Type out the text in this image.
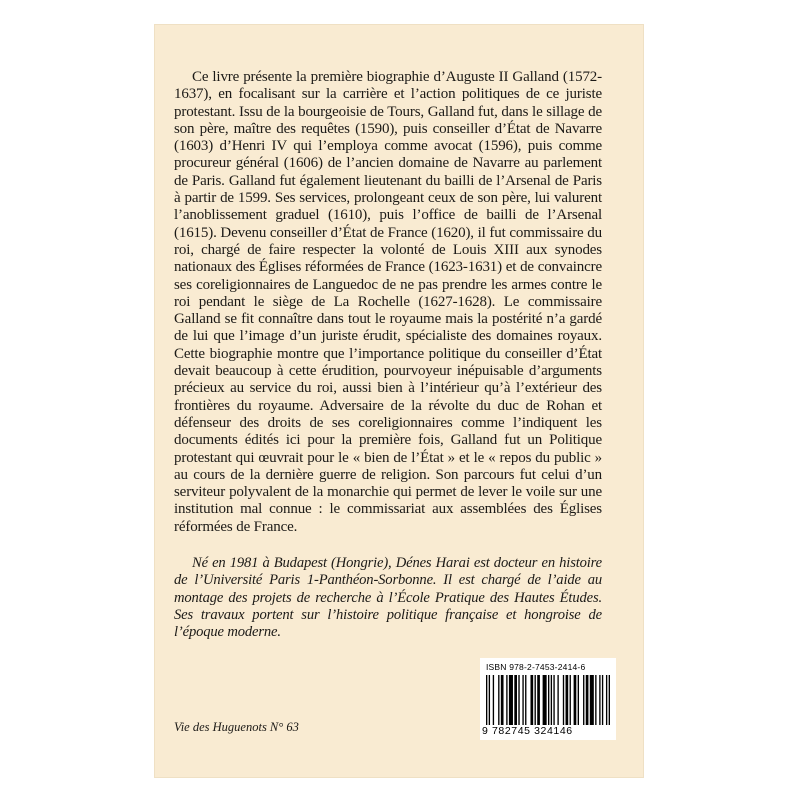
Ce livre présente la première biographie d’Auguste II Galland (1572-1637), en focalisant sur la carrière et l’action politiques de ce juriste protestant. Issu de la bourgeoisie de Tours, Galland fut, dans le sillage de son père, maître des requêtes (1590), puis conseiller d’État de Navarre (1603) d’Henri IV qui l’employa comme avocat (1596), puis comme procureur général (1606) de l’ancien domaine de Navarre au parlement de Paris. Galland fut également lieutenant du bailli de l’Arsenal de Paris à partir de 1599. Ses services, prolongeant ceux de son père, lui valurent l’anoblissement graduel (1610), puis l’office de bailli de l’Arsenal (1615). Devenu conseiller d’État de France (1620), il fut commissaire du roi, chargé de faire respecter la volonté de Louis XIII aux synodes nationaux des Églises réformées de France (1623-1631) et de convaincre ses coreligionnaires de Languedoc de ne pas prendre les armes contre le roi pendant le siège de La Rochelle (1627-1628). Le commissaire Galland se fit connaître dans tout le royaume mais la postérité n’a gardé de lui que l’image d’un juriste érudit, spécialiste des domaines royaux. Cette biographie montre que l’importance politique du conseiller d’État devait beaucoup à cette érudition, pourvoyeur inépuisable d’arguments précieux au service du roi, aussi bien à l’intérieur qu’à l’extérieur des frontières du royaume. Adversaire de la révolte du duc de Rohan et défenseur des droits de ses coreligionnaires comme l’indiquent les documents édités ici pour la première fois, Galland fut un Politique protestant qui œuvrait pour le « bien de l’État » et le « repos du public » au cours de la dernière guerre de religion. Son parcours fut celui d’un serviteur polyvalent de la monarchie qui permet de lever le voile sur une institution mal connue : le commissariat aux assemblées des Églises réformées de France.

Né en 1981 à Budapest (Hongrie), Dénes Harai est docteur en histoire de l’Université Paris 1-Panthéon-Sorbonne. Il est chargé de l’aide au montage des projets de recherche à l’École Pratique des Hautes Études. Ses travaux portent sur l’histoire politique française et hongroise de l’époque moderne.

Vie des Huguenots N° 63
ISBN 978-2-7453-2414-6
9 782745 324146
